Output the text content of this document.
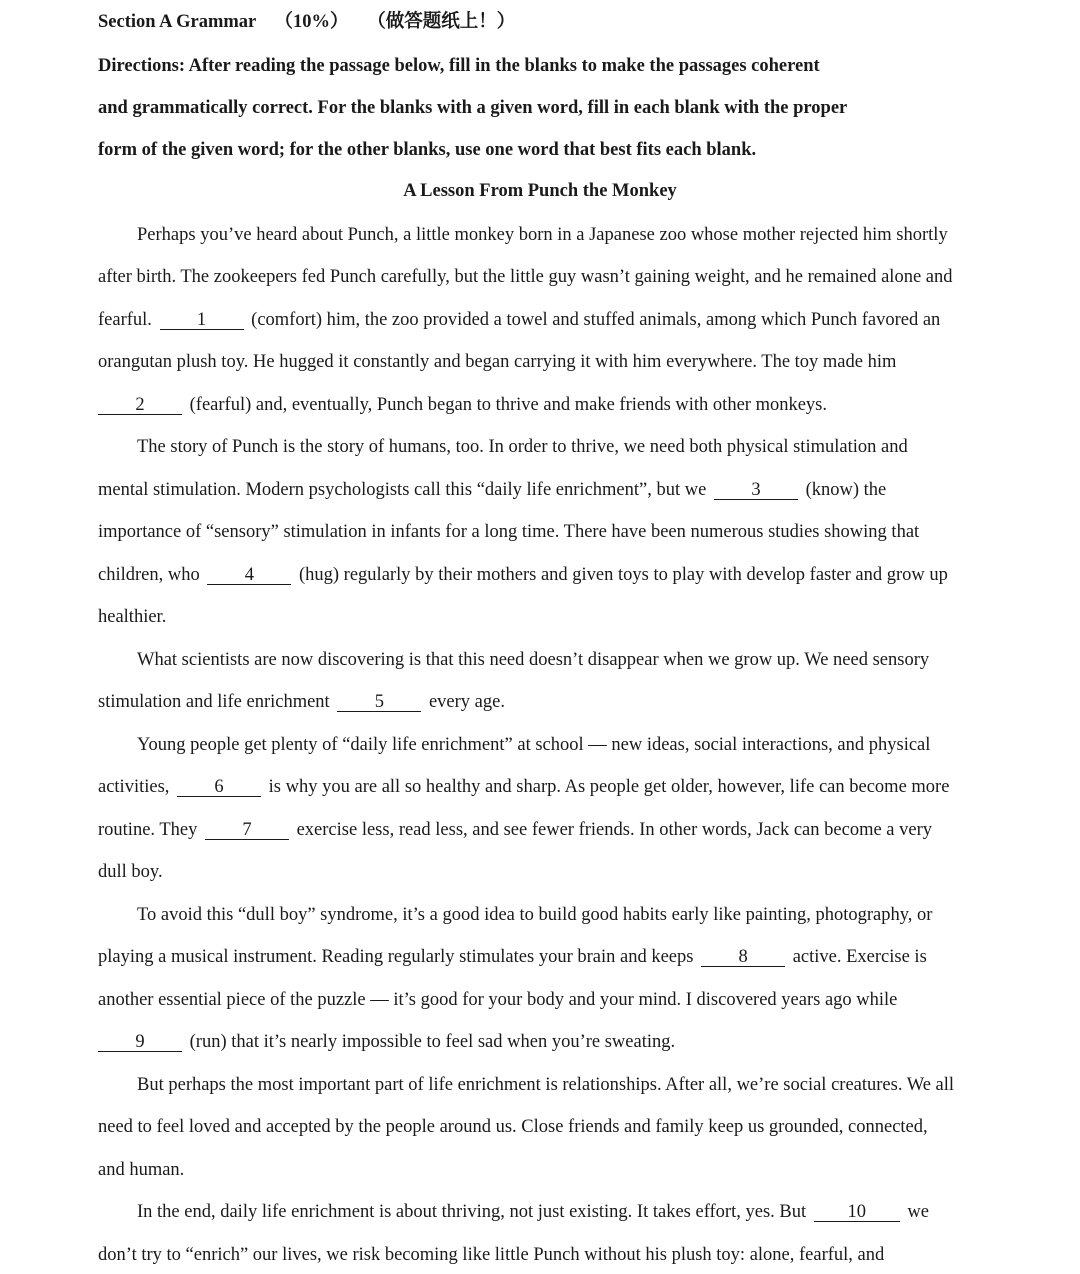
Section A Grammar （10%） （做答题纸上！）
Directions: After reading the passage below, fill in the blanks to make the passages coherent
and grammatically correct. For the blanks with a given word, fill in each blank with the proper
form of the given word; for the other blanks, use one word that best fits each blank.
A Lesson From Punch the Monkey
Perhaps you’ve heard about Punch, a little monkey born in a Japanese zoo whose mother rejected him shortly
after birth. The zookeepers fed Punch carefully, but the little guy wasn’t gaining weight, and he remained alone and
fearful. 1 (comfort) him, the zoo provided a towel and stuffed animals, among which Punch favored an
orangutan plush toy. He hugged it constantly and began carrying it with him everywhere. The toy made him
2 (fearful) and, eventually, Punch began to thrive and make friends with other monkeys.
The story of Punch is the story of humans, too. In order to thrive, we need both physical stimulation and
mental stimulation. Modern psychologists call this “daily life enrichment”, but we 3 (know) the
importance of “sensory” stimulation in infants for a long time. There have been numerous studies showing that
children, who 4 (hug) regularly by their mothers and given toys to play with develop faster and grow up
healthier.
What scientists are now discovering is that this need doesn’t disappear when we grow up. We need sensory
stimulation and life enrichment 5 every age.
Young people get plenty of “daily life enrichment” at school — new ideas, social interactions, and physical
activities, 6 is why you are all so healthy and sharp. As people get older, however, life can become more
routine. They 7 exercise less, read less, and see fewer friends. In other words, Jack can become a very
dull boy.
To avoid this “dull boy” syndrome, it’s a good idea to build good habits early like painting, photography, or
playing a musical instrument. Reading regularly stimulates your brain and keeps 8 active. Exercise is
another essential piece of the puzzle — it’s good for your body and your mind. I discovered years ago while
9 (run) that it’s nearly impossible to feel sad when you’re sweating.
But perhaps the most important part of life enrichment is relationships. After all, we’re social creatures. We all
need to feel loved and accepted by the people around us. Close friends and family keep us grounded, connected,
and human.
In the end, daily life enrichment is about thriving, not just existing. It takes effort, yes. But 10 we
don’t try to “enrich” our lives, we risk becoming like little Punch without his plush toy: alone, fearful, and
